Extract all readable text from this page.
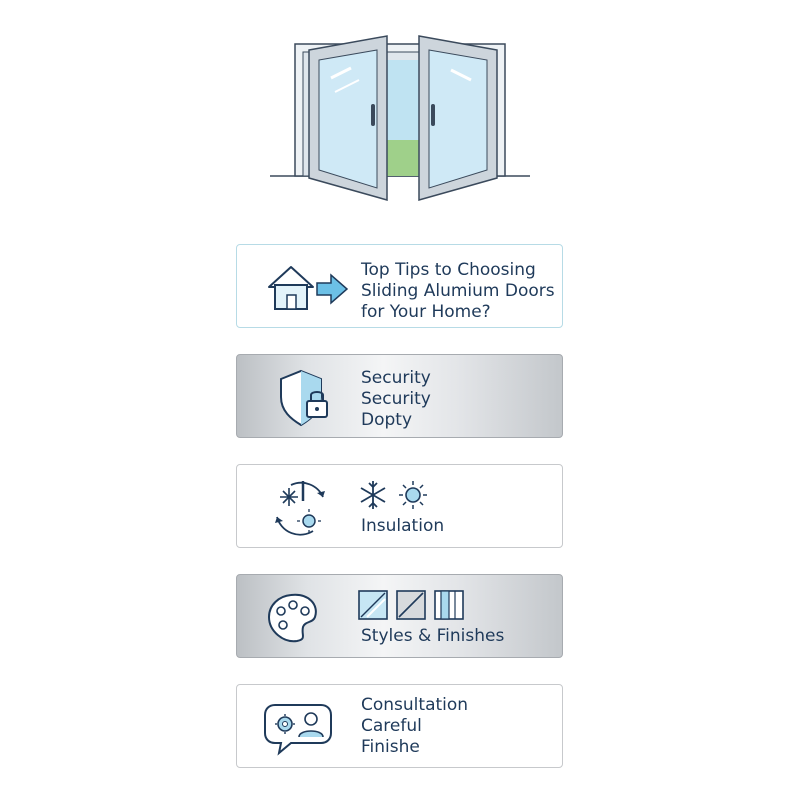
Top Tips to Choosing
Sliding Alumium Doors
for Your Home?
Security
Security
Dopty
Insulation
Styles & Finishes
Consultation
Careful
Finishe
